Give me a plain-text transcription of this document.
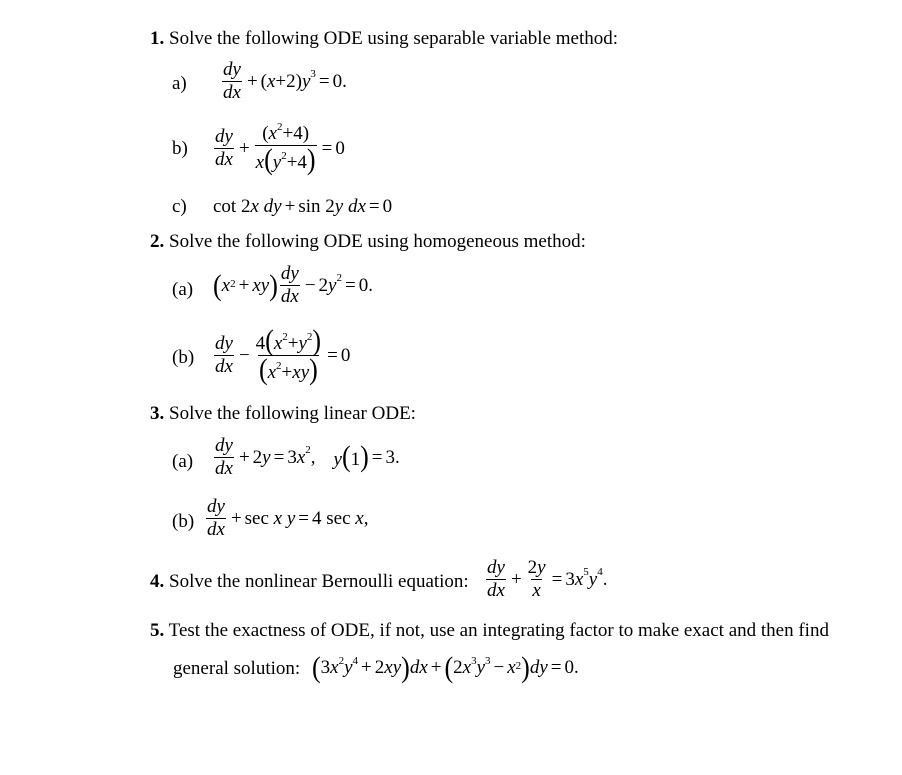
1. Solve the following ODE using separable variable method:
$a) \frac{dy}{dx} + (x+2)y^3 = 0$.
$b) \frac{dy}{dx} + \frac{(x^2+4)}{x(y^2+4)} = 0$
c) cot 2x dy + sin 2y dx = 0
2. Solve the following ODE using homogeneous method:
(a) ( $x^2$ + xy ) $\frac{dy}{dx} - 2y^2 = 0$.
$(b) \frac{dy}{dx} - \frac{4(x^2+y^2)}{(x^2+xy)} = 0$
3. Solve the following linear ODE:
$(a) \frac{dy}{dx} + 2y = 3x^2$, y(1) = 3.
$(b) \frac{dy}{dx} + \sec x$ y = 4 sec x,
4. Solve the nonlinear Bernoulli equation: $\frac{dy}{dx} + \frac{2y}{x} = 3x^5y^4$.
5. Test the exactness of ODE, if not, use an integrating factor to make exact and then find
general solution: ( $3x^2y^4 + 2xy$ ) dx + ( $2x^3y^3 - x^2$ ) dy = 0.
